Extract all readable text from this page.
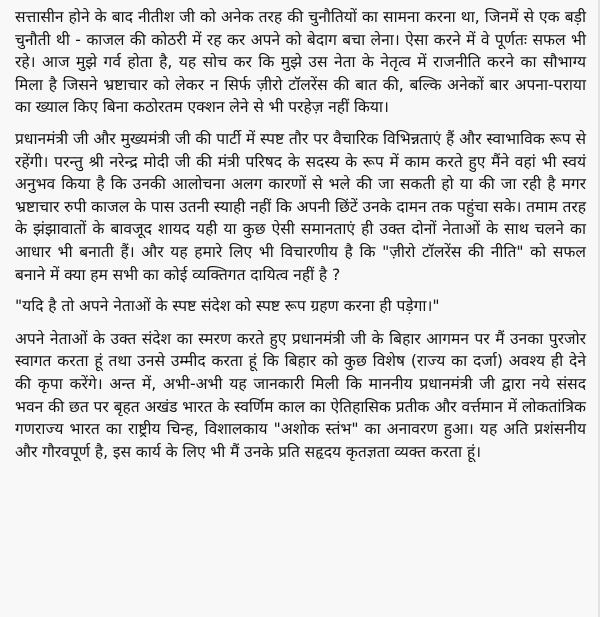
सत्तासीन होने के बाद नीतीश जी को अनेक तरह की चुनौतियों का सामना करना था, जिनमें से एक बड़ी चुनौती थी - काजल की कोठरी में रह कर अपने को बेदाग बचा लेना। ऐसा करने में वे पूर्णतः सफल भी रहे। आज मुझे गर्व होता है, यह सोच कर कि मुझे उस नेता के नेतृत्व में राजनीति करने का सौभाग्य मिला है जिसने भ्रष्टाचार को लेकर न सिर्फ ज़ीरो टॉलरेंस की बात की, बल्कि अनेकों बार अपना-पराया का ख्याल किए बिना कठोरतम एक्शन लेने से भी परहेज़ नहीं किया।

प्रधानमंत्री जी और मुख्यमंत्री जी की पार्टी में स्पष्ट तौर पर वैचारिक विभिन्नताएं हैं और स्वाभाविक रूप से रहेंगी। परन्तु श्री नरेन्द्र मोदी जी की मंत्री परिषद के सदस्य के रूप में काम करते हुए मैंने वहां भी स्वयं अनुभव किया है कि उनकी आलोचना अलग कारणों से भले की जा सकती हो या की जा रही है मगर भ्रष्टाचार रुपी काजल के पास उतनी स्याही नहीं कि अपनी छिंटें उनके दामन तक पहुंचा सके। तमाम तरह के झंझावातों के बावजूद शायद यही या कुछ ऐसी समानताएं ही उक्त दोनों नेताओं के साथ चलने का आधार भी बनाती हैं। और यह हमारे लिए भी विचारणीय है कि "ज़ीरो टॉलरेंस की नीति" को सफल बनाने में क्या हम सभी का कोई व्यक्तिगत दायित्व नहीं है ?

"यदि है तो अपने नेताओं के स्पष्ट संदेश को स्पष्ट रूप ग्रहण करना ही पड़ेगा।"

अपने नेताओं के उक्त संदेश का स्मरण करते हुए प्रधानमंत्री जी के बिहार आगमन पर मैं उनका पुरजोर स्वागत करता हूं तथा उनसे उम्मीद करता हूं कि बिहार को कुछ विशेष (राज्य का दर्जा) अवश्य ही देने की कृपा करेंगे। अन्त में, अभी-अभी यह जानकारी मिली कि माननीय प्रधानमंत्री जी द्वारा नये संसद भवन की छत पर बृहत अखंड भारत के स्वर्णिम काल का ऐतिहासिक प्रतीक और वर्त्तमान में लोकतांत्रिक गणराज्य भारत का राष्ट्रीय चिन्ह, विशालकाय "अशोक स्तंभ" का अनावरण हुआ। यह अति प्रशंसनीय और गौरवपूर्ण है, इस कार्य के लिए भी मैं उनके प्रति सहृदय कृतज्ञता व्यक्त करता हूं।
